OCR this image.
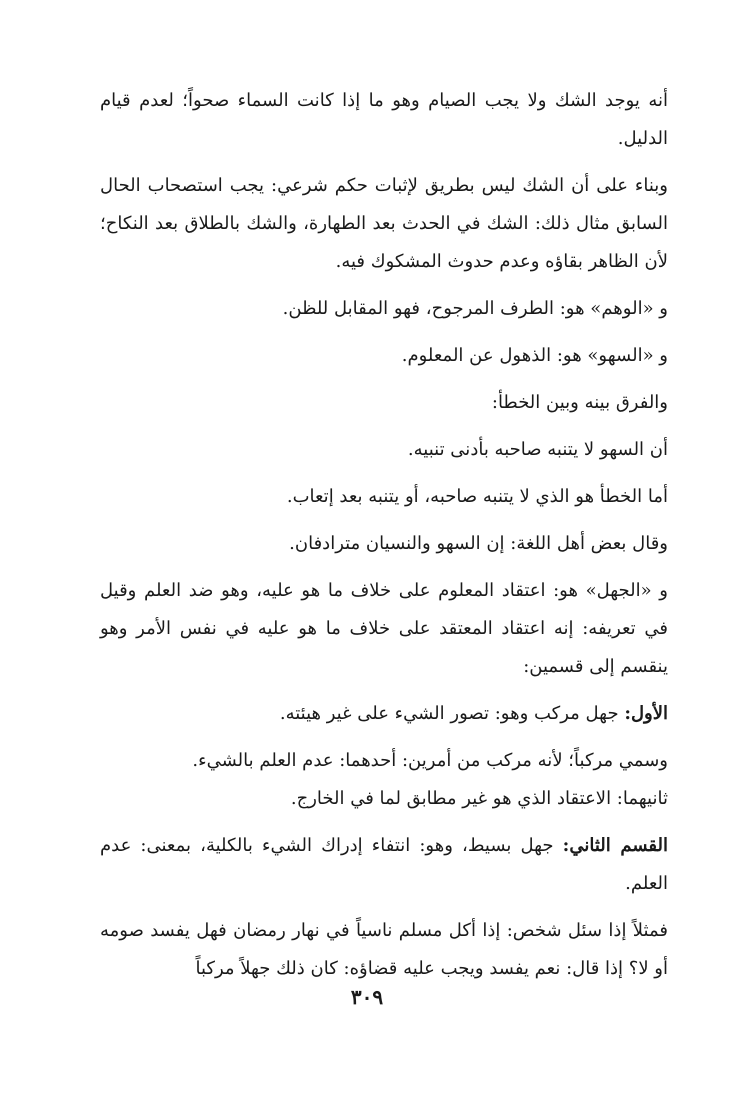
أنه يوجد الشك ولا يجب الصيام وهو ما إذا كانت السماء صحواً؛ لعدم قيام الدليل.

وبناء على أن الشك ليس بطريق لإثبات حكم شرعي: يجب استصحاب الحال السابق مثال ذلك: الشك في الحدث بعد الطهارة، والشك بالطلاق بعد النكاح؛ لأن الظاهر بقاؤه وعدم حدوث المشكوك فيه.

و «الوهم» هو: الطرف المرجوح، فهو المقابل للظن.

و «السهو» هو: الذهول عن المعلوم.

والفرق بينه وبين الخطأ:

أن السهو لا يتنبه صاحبه بأدنى تنبيه.

أما الخطأ هو الذي لا يتنبه صاحبه، أو يتنبه بعد إتعاب.

وقال بعض أهل اللغة: إن السهو والنسيان مترادفان.

و «الجهل» هو: اعتقاد المعلوم على خلاف ما هو عليه، وهو ضد العلم وقيل في تعريفه: إنه اعتقاد المعتقد على خلاف ما هو عليه في نفس الأمر وهو ينقسم إلى قسمين:

الأول: جهل مركب وهو: تصور الشيء على غير هيئته.

وسمي مركباً؛ لأنه مركب من أمرين: أحدهما: عدم العلم بالشيء.
ثانيهما: الاعتقاد الذي هو غير مطابق لما في الخارج.

القسم الثاني: جهل بسيط، وهو: انتفاء إدراك الشيء بالكلية، بمعنى: عدم العلم.

فمثلاً إذا سئل شخص: إذا أكل مسلم ناسياً في نهار رمضان فهل يفسد صومه أو لا؟ إذا قال: نعم يفسد ويجب عليه قضاؤه: كان ذلك جهلاً مركباً

٣٠٩
